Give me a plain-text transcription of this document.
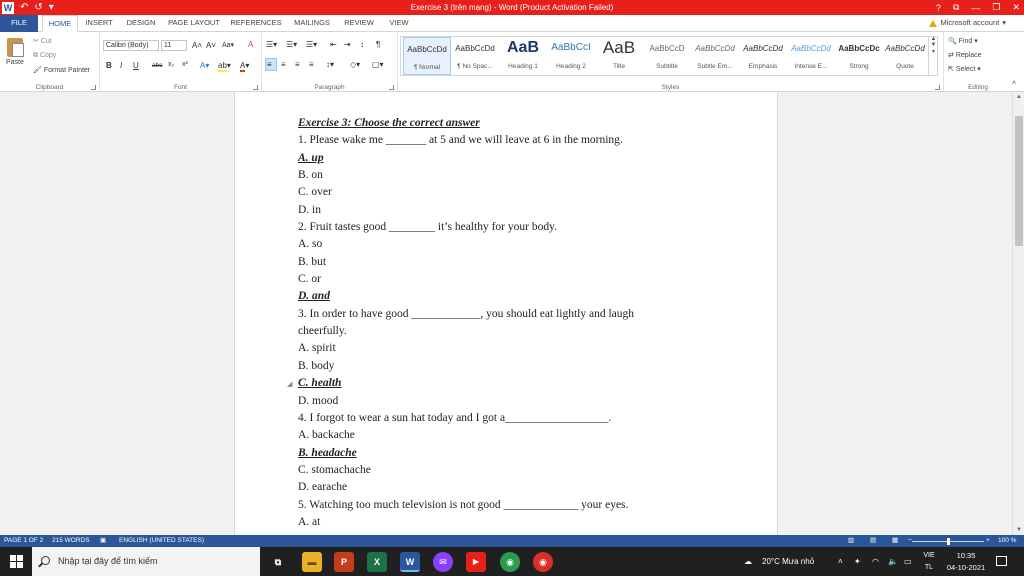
W ↶ ↺ ▾	Exercise 3 (trên mạng) - Word (Product Activation Failed)	? ⧉ — ❐ ✕
FILE	HOME	INSERT	DESIGN	PAGE LAYOUT	REFERENCES	MAILINGS	REVIEW	VIEW	Microsoft account ▾
Paste
✂ Cut
⧉ Copy
🖌 Format Painter
Clipboard
Calibri (Body)	11	A˄ A˅ Aa▾ A
B I U abc x₂ x² A▾ ab▾ A▾
Font
☰▾ ☰▾ ☰▾ ⇤ ⇥ ↕ ¶
≡ ≡ ≡ ≡ ↕▾ ◇▾ ▢▾
Paragraph	Styles
AaBbCcDd
¶ Normal
AaBbCcDd
¶ No Spac...
AaB
Heading 1
AaBbCcI
Heading 2
AaB
Title
AaBbCcD
Subtitle
AaBbCcDd
Subtle Em...
AaBbCcDd
Emphasis
AaBbCcDd
Intense E...
AaBbCcDc
Strong
AaBbCcDd
Quote
▲
▼
▾
🔍 Find ▾
⇄ Replace
⇱ Select ▾
Editing
˄
◢
Exercise 3: Choose the correct answer
1. Please wake me _______ at 5 and we will leave at 6 in the morning.
A. up
B. on
C. over
D. in
2. Fruit tastes good ________ it’s healthy for your body.
A. so
B. but
C. or
D. and
3. In order to have good ____________, you should eat lightly and laugh
cheerfully.
A. spirit
B. body
C. health
D. mood
4. I forgot to wear a sun hat today and I got a__________________.
A. backache
B. headache
C. stomachache
D. earache
5. Watching too much television is not good _____________ your eyes.
A. at
▲
▼
PAGE 1 OF 2 215 WORDS ▣ ENGLISH (UNITED STATES)	▥ ▤ ▦ −	+ 100 %
Nhập tại đây để tìm kiếm	⧉	▬	P	X	W	✉	▶	◉	◉	☁ 20°C Mưa nhỏ	˄ ✦ ◠ 🔈 ▭
VIE
TL
10:35
04-10-2021
